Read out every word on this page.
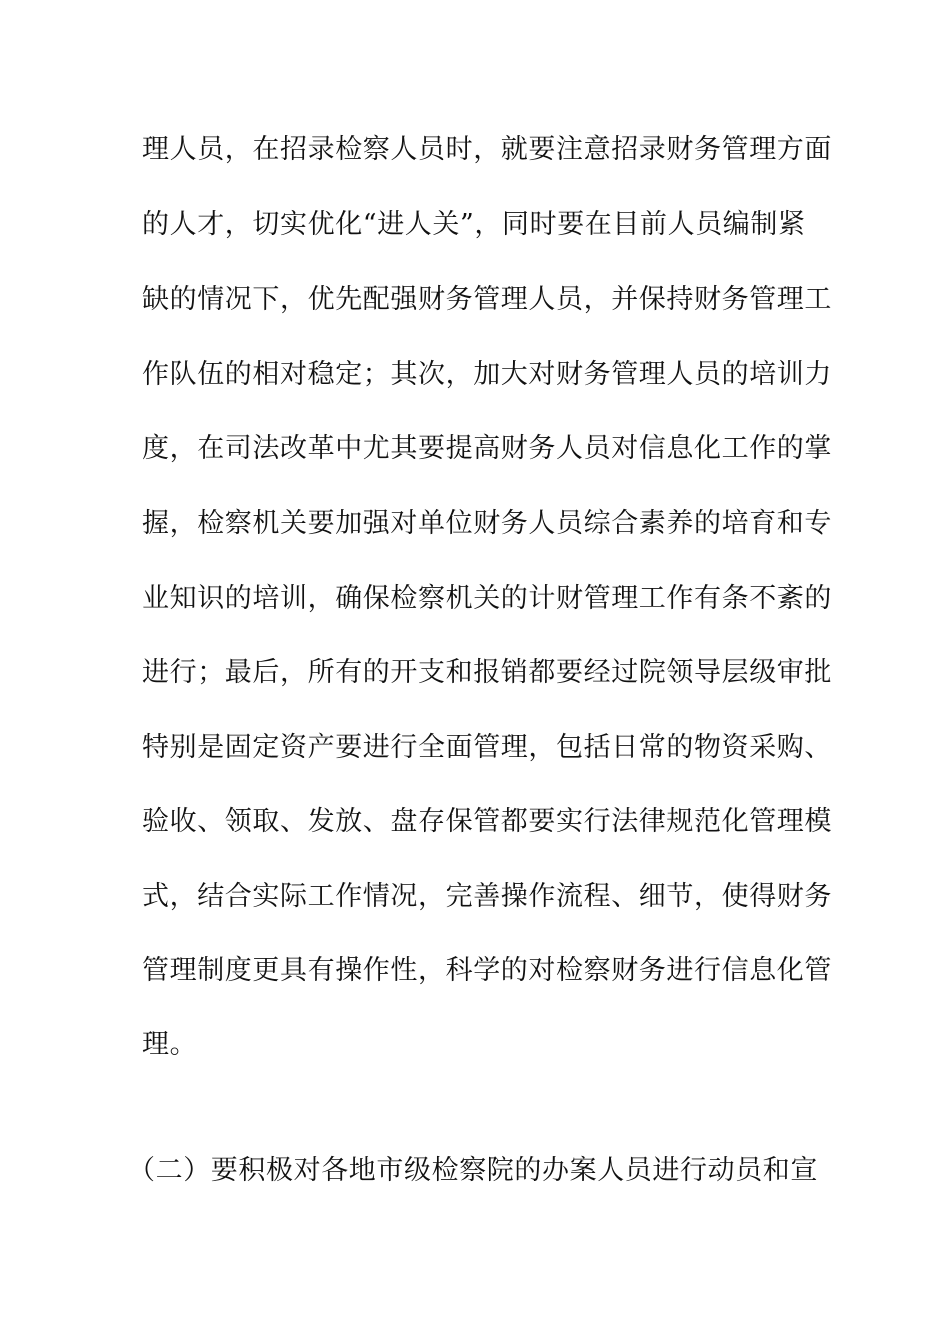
理人员，在招录检察人员时，就要注意招录财务管理方面
的人才，切实优化“进人关”，同时要在目前人员编制紧
缺的情况下，优先配强财务管理人员，并保持财务管理工
作队伍的相对稳定；其次，加大对财务管理人员的培训力
度，在司法改革中尤其要提高财务人员对信息化工作的掌
握，检察机关要加强对单位财务人员综合素养的培育和专
业知识的培训，确保检察机关的计财管理工作有条不紊的
进行；最后，所有的开支和报销都要经过院领导层级审批
特别是固定资产要进行全面管理，包括日常的物资采购、
验收、领取、发放、盘存保管都要实行法律规范化管理模
式，结合实际工作情况，完善操作流程、细节，使得财务
管理制度更具有操作性，科学的对检察财务进行信息化管
理。
（二）要积极对各地市级检察院的办案人员进行动员和宣
